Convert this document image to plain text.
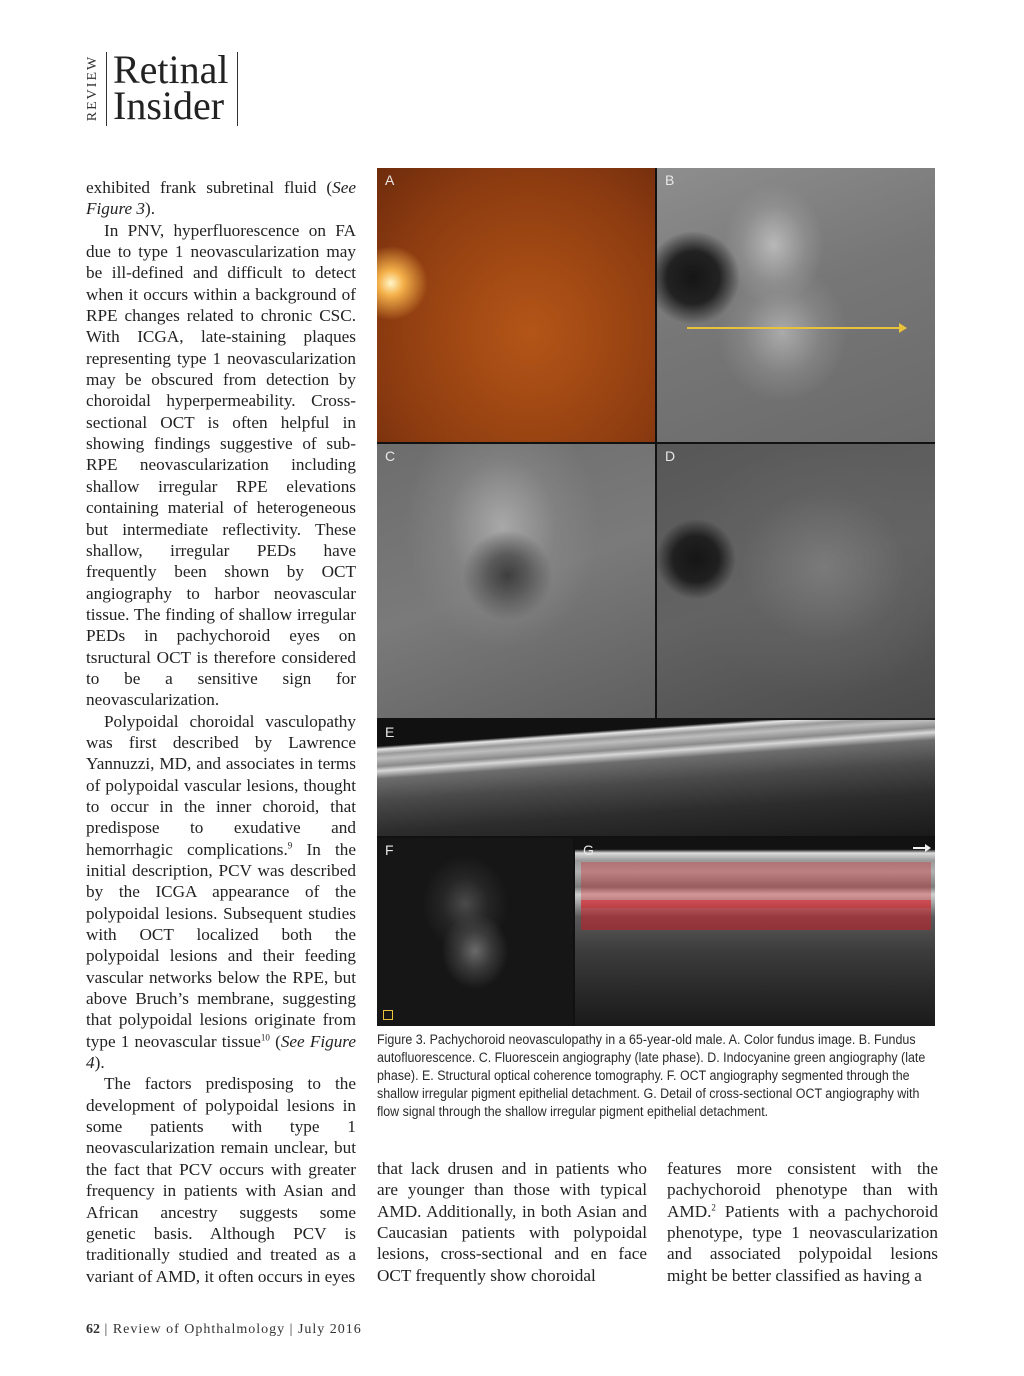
REVIEW Retinal
Insider

exhibited frank subretinal fluid (See Figure 3).

In PNV, hyperfluorescence on FA due to type 1 neovascularization may be ill-defined and difficult to detect when it occurs within a background of RPE changes related to chronic CSC. With ICGA, late-staining plaques representing type 1 neovascularization may be obscured from detection by choroidal hyperpermeability. Cross-sectional OCT is often helpful in showing findings suggestive of sub-RPE neovascularization including shallow irregular RPE elevations containing material of heterogeneous but intermediate reflectivity. These shallow, irregular PEDs have frequently been shown by OCT angiography to harbor neovascular tissue. The finding of shallow irregular PEDs in pachychoroid eyes on tsructural OCT is therefore considered to be a sensitive sign for neovascularization.

Polypoidal choroidal vasculopathy was first described by Lawrence Yannuzzi, MD, and associates in terms of polypoidal vascular lesions, thought to occur in the inner choroid, that predispose to exudative and hemorrhagic complications.$^9$ In the initial description, PCV was described by the ICGA appearance of the polypoidal lesions. Subsequent studies with OCT localized both the polypoidal lesions and their feeding vascular networks below the RPE, but above Bruch’s membrane, suggesting that polypoidal lesions originate from type 1 neovascular tissue$^{10}$ (See Figure 4).

The factors predisposing to the development of polypoidal lesions in some patients with type 1 neovascularization remain unclear, but the fact that PCV occurs with greater frequency in patients with Asian and African ancestry suggests some genetic basis. Although PCV is traditionally studied and treated as a variant of AMD, it often occurs in eyes

A	B
C	D
E
F	G
Figure 3. Pachychoroid neovasculopathy in a 65-year-old male. A. Color fundus image. B. Fundus autofluorescence. C. Fluorescein angiography (late phase). D. Indocyanine green angiography (late phase). E. Structural optical coherence tomography. F. OCT angiography segmented through the shallow irregular pigment epithelial detachment. G. Detail of cross-sectional OCT angiography with flow signal through the shallow irregular pigment epithelial detachment.

that lack drusen and in patients who are younger than those with typical AMD. Additionally, in both Asian and Caucasian patients with polypoidal lesions, cross-sectional and en face OCT frequently show choroidal

features more consistent with the pachychoroid phenotype than with AMD.$^2$ Patients with a pachychoroid phenotype, type 1 neovascularization and associated polypoidal lesions might be better classified as having a

62 | Review of Ophthalmology | July 2016
